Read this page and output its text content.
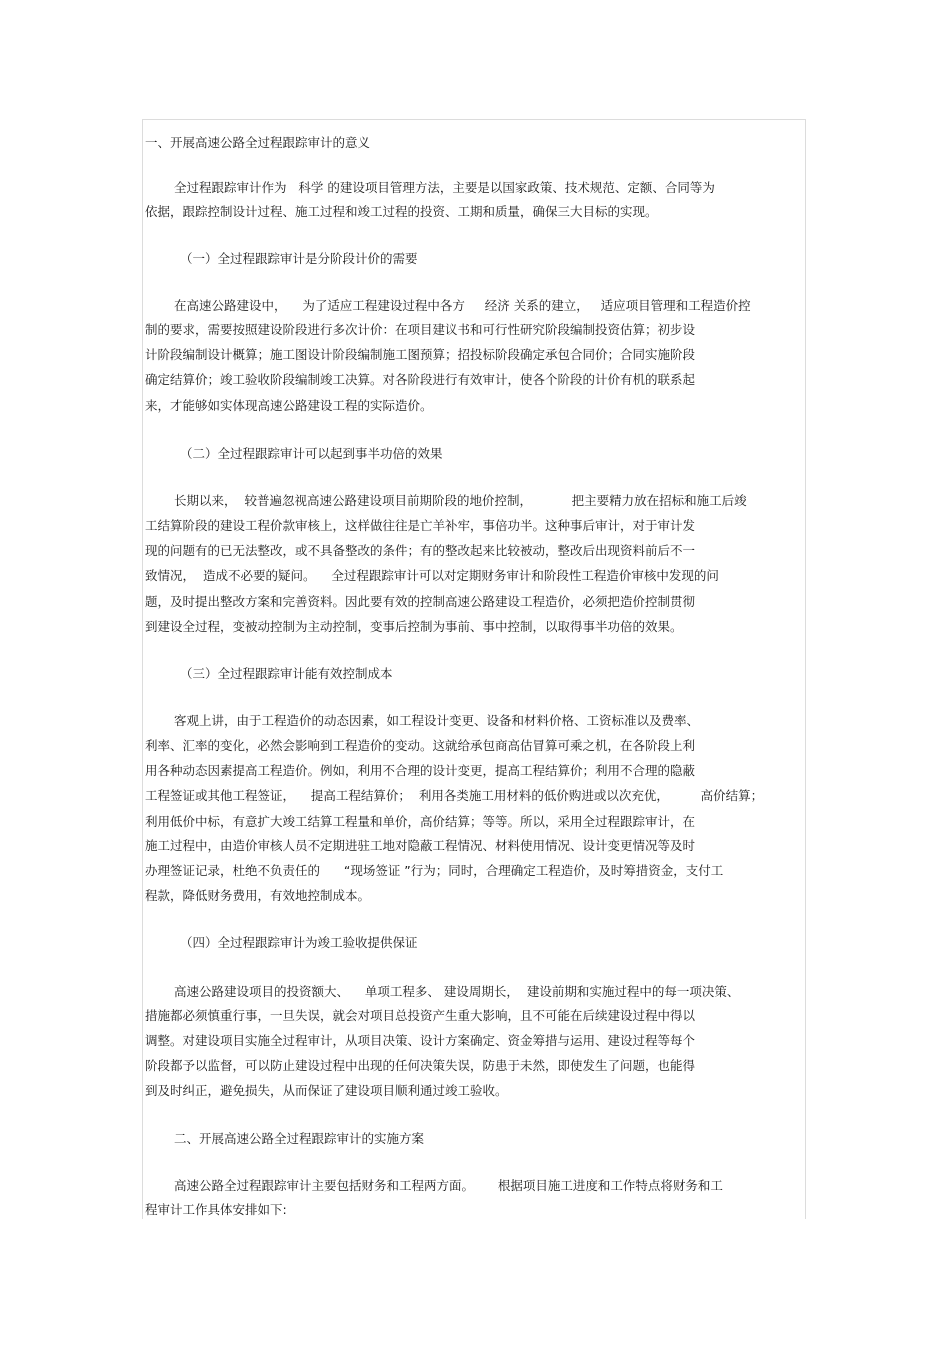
一、开展高速公路全过程跟踪审计的意义
全过程跟踪审计作为   科学 的建设项目管理方法，主要是以国家政策、技术规范、定额、合同等为
依据，跟踪控制设计过程、施工过程和竣工过程的投资、工期和质量，确保三大目标的实现。
（一）全过程跟踪审计是分阶段计价的需要
在高速公路建设中，    为了适应工程建设过程中各方     经济 关系的建立，   适应项目管理和工程造价控
制的要求，需要按照建设阶段进行多次计价：在项目建议书和可行性研究阶段编制投资估算；初步设
计阶段编制设计概算；施工图设计阶段编制施工图预算；招投标阶段确定承包合同价；合同实施阶段
确定结算价；竣工验收阶段编制竣工决算。对各阶段进行有效审计，使各个阶段的计价有机的联系起
来，才能够如实体现高速公路建设工程的实际造价。
（二）全过程跟踪审计可以起到事半功倍的效果
长期以来，  较普遍忽视高速公路建设项目前期阶段的地价控制，          把主要精力放在招标和施工后竣
工结算阶段的建设工程价款审核上，这样做往往是亡羊补牢，事倍功半。这种事后审计，对于审计发
现的问题有的已无法整改，或不具备整改的条件；有的整改起来比较被动，整改后出现资料前后不一
致情况，  造成不必要的疑问。    全过程跟踪审计可以对定期财务审计和阶段性工程造价审核中发现的问
题，及时提出整改方案和完善资料。因此要有效的控制高速公路建设工程造价，必须把造价控制贯彻
到建设全过程，变被动控制为主动控制，变事后控制为事前、事中控制，以取得事半功倍的效果。
（三）全过程跟踪审计能有效控制成本
客观上讲，由于工程造价的动态因素，如工程设计变更、设备和材料价格、工资标准以及费率、
利率、汇率的变化，必然会影响到工程造价的变动。这就给承包商高估冒算可乘之机，在各阶段上利
用各种动态因素提高工程造价。例如，利用不合理的设计变更，提高工程结算价；利用不合理的隐蔽
工程签证或其他工程签证，    提高工程结算价；  利用各类施工用材料的低价购进或以次充优，        高价结算；
利用低价中标，有意扩大竣工结算工程量和单价，高价结算；等等。所以，采用全过程跟踪审计，在
施工过程中，由造价审核人员不定期进驻工地对隐蔽工程情况、材料使用情况、设计变更情况等及时
办理签证记录，杜绝不负责任的      “现场签证 ”行为；同时，合理确定工程造价，及时筹措资金，支付工
程款，降低财务费用，有效地控制成本。
（四）全过程跟踪审计为竣工验收提供保证
高速公路建设项目的投资额大、    单项工程多、 建设周期长，  建设前期和实施过程中的每一项决策、
措施都必须慎重行事，一旦失误，就会对项目总投资产生重大影响，且不可能在后续建设过程中得以
调整。对建设项目实施全过程审计，从项目决策、设计方案确定、资金筹措与运用、建设过程等每个
阶段都予以监督，可以防止建设过程中出现的任何决策失误，防患于未然，即使发生了问题，也能得
到及时纠正，避免损失，从而保证了建设项目顺利通过竣工验收。
二、开展高速公路全过程跟踪审计的实施方案
高速公路全过程跟踪审计主要包括财务和工程两方面。      根据项目施工进度和工作特点将财务和工
程审计工作具体安排如下:
